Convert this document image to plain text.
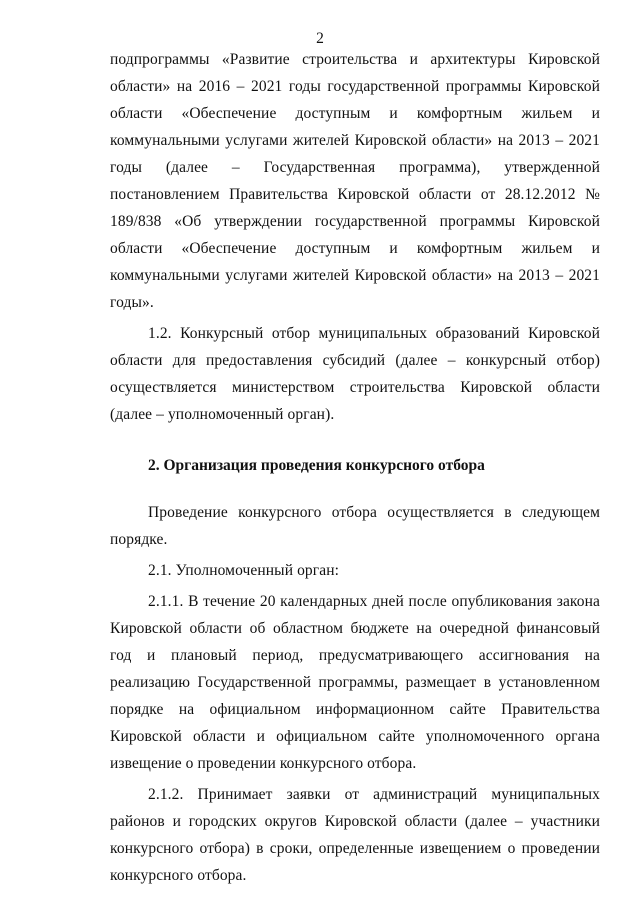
2

подпрограммы «Развитие строительства и архитектуры Кировской области» на 2016 – 2021 годы государственной программы Кировской области «Обеспечение доступным и комфортным жильем и коммунальными услугами жителей Кировской области» на 2013 – 2021 годы (далее – Государственная программа), утвержденной постановлением Правительства Кировской области от 28.12.2012 № 189/838 «Об утверждении государственной программы Кировской области «Обеспечение доступным и комфортным жильем и коммунальными услугами жителей Кировской области» на 2013 – 2021 годы».

1.2. Конкурсный отбор муниципальных образований Кировской области для предоставления субсидий (далее – конкурсный отбор) осуществляется министерством строительства Кировской области (далее – уполномоченный орган).

2. Организация проведения конкурсного отбора

Проведение конкурсного отбора осуществляется в следующем порядке.

2.1. Уполномоченный орган:

2.1.1. В течение 20 календарных дней после опубликования закона Кировской области об областном бюджете на очередной финансовый год и плановый период, предусматривающего ассигнования на реализацию Государственной программы, размещает в установленном порядке на официальном информационном сайте Правительства Кировской области и официальном сайте уполномоченного органа извещение о проведении конкурсного отбора.

2.1.2. Принимает заявки от администраций муниципальных районов и городских округов Кировской области (далее – участники конкурсного отбора) в сроки, определенные извещением о проведении конкурсного отбора.
